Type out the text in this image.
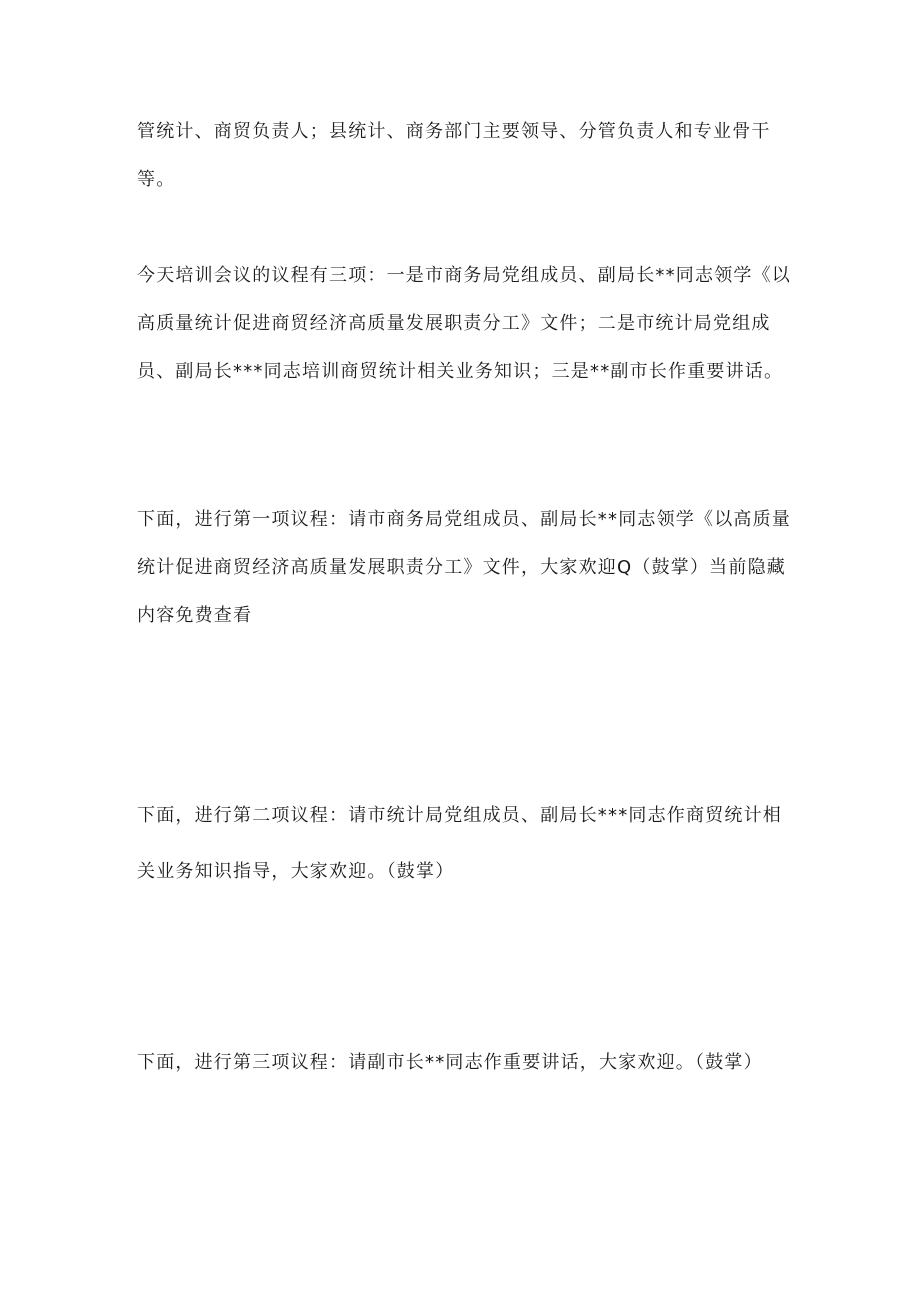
管统计、商贸负责人；县统计、商务部门主要领导、分管负责人和专业骨干等。

今天培训会议的议程有三项：一是市商务局党组成员、副局长**同志领学《以高质量统计促进商贸经济高质量发展职责分工》文件；二是市统计局党组成员、副局长***同志培训商贸统计相关业务知识；三是**副市长作重要讲话。

下面，进行第一项议程：请市商务局党组成员、副局长**同志领学《以高质量统计促进商贸经济高质量发展职责分工》文件，大家欢迎Q（鼓掌）当前隐藏内容免费查看

下面，进行第二项议程：请市统计局党组成员、副局长***同志作商贸统计相关业务知识指导，大家欢迎。（鼓掌）

下面，进行第三项议程：请副市长**同志作重要讲话，大家欢迎。（鼓掌）
